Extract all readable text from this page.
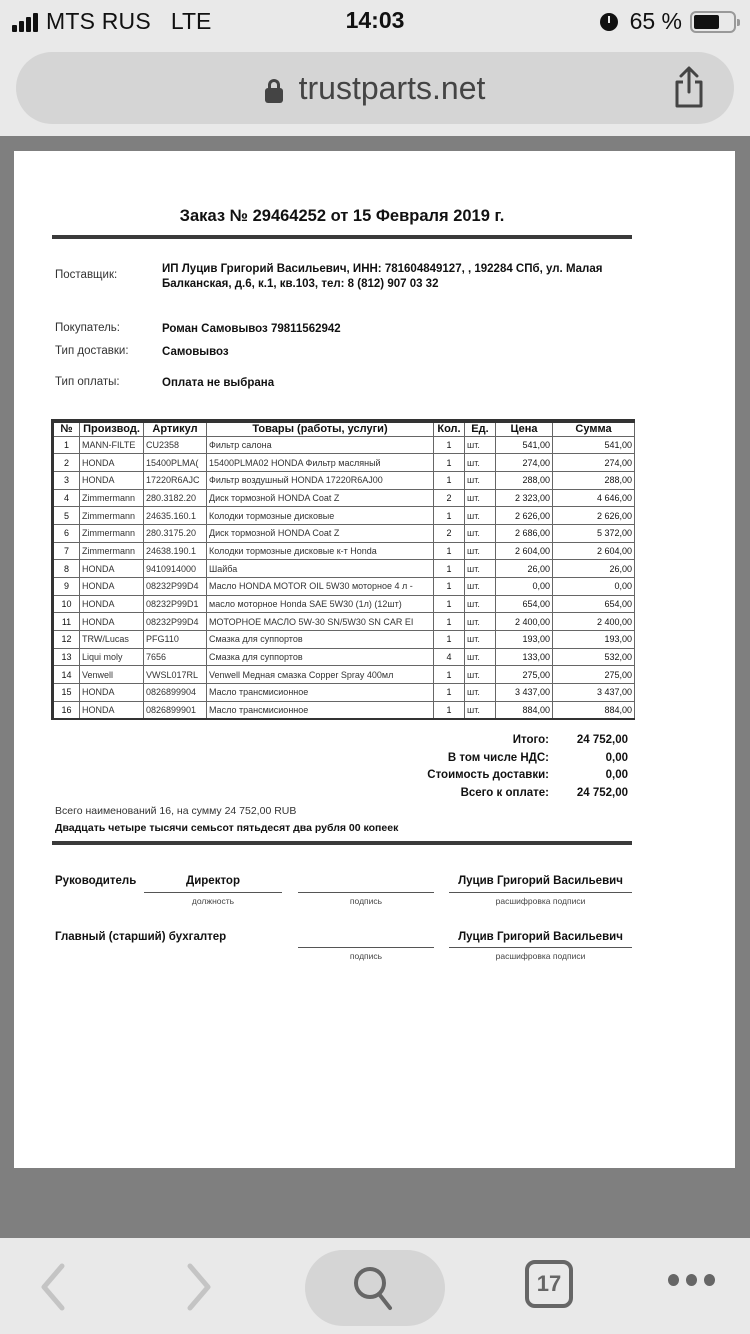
MTS RUS LTE	14:03	65 %
trustparts.net
Заказ № 29464252 от 15 Февраля 2019 г.
Поставщик:	ИП Луцив Григорий Васильевич, ИНН: 781604849127, , 192284 СПб, ул. Малая
Балканская, д.6, к.1, кв.103, тел: 8 (812) 907 03 32
Покупатель:	Роман Самовывоз 79811562942
Тип доставки:	Самовывоз
Тип оплаты:	Оплата не выбрана
№	Производ.	Артикул	Товары (работы, услуги)	Кол.	Ед.	Цена	Сумма
1	MANN-FILTE	CU2358	Фильтр салона	1	шт.	541,00	541,00
2	HONDA	15400PLMA(	15400PLMA02 HONDA Фильтр масляный	1	шт.	274,00	274,00
3	HONDA	17220R6AJC	Фильтр воздушный HONDA 17220R6AJ00	1	шт.	288,00	288,00
4	Zimmermann	280.3182.20	Диск тормозной HONDA Coat Z	2	шт.	2 323,00	4 646,00
5	Zimmermann	24635.160.1	Колодки тормозные дисковые	1	шт.	2 626,00	2 626,00
6	Zimmermann	280.3175.20	Диск тормозной HONDA Coat Z	2	шт.	2 686,00	5 372,00
7	Zimmermann	24638.190.1	Колодки тормозные дисковые к-т Honda	1	шт.	2 604,00	2 604,00
8	HONDA	9410914000	Шайба	1	шт.	26,00	26,00
9	HONDA	08232P99D4	Масло HONDA MOTOR OIL 5W30 моторное 4 л -	1	шт.	0,00	0,00
10	HONDA	08232P99D1	масло моторное Honda SAE 5W30 (1л) (12шт)	1	шт.	654,00	654,00
11	HONDA	08232P99D4	МОТОРНОЕ МАСЛО 5W-30 SN/5W30 SN CAR EI	1	шт.	2 400,00	2 400,00
12	TRW/Lucas	PFG110	Смазка для суппортов	1	шт.	193,00	193,00
13	Liqui moly	7656	Смазка для суппортов	4	шт.	133,00	532,00
14	Venwell	VWSL017RL	Venwell Медная смазка Copper Spray 400мл	1	шт.	275,00	275,00
15	HONDA	0826899904	Масло трансмисионное	1	шт.	3 437,00	3 437,00
16	HONDA	0826899901	Масло трансмисионное	1	шт.	884,00	884,00
Итого: 24 752,00
В том числе НДС:	0,00
Стоимость доставки:	0,00
Всего к оплате: 24 752,00
Всего наименований 16, на сумму 24 752,00 RUB
Двадцать четыре тысячи семьсот пятьдесят два рубля 00 копеек
Руководитель	Директор
должность	подпись
Луцив Григорий Васильевич
расшифровка подписи
Главный (старший) бухгалтер
подпись
Луцив Григорий Васильевич
расшифровка подписи
17
